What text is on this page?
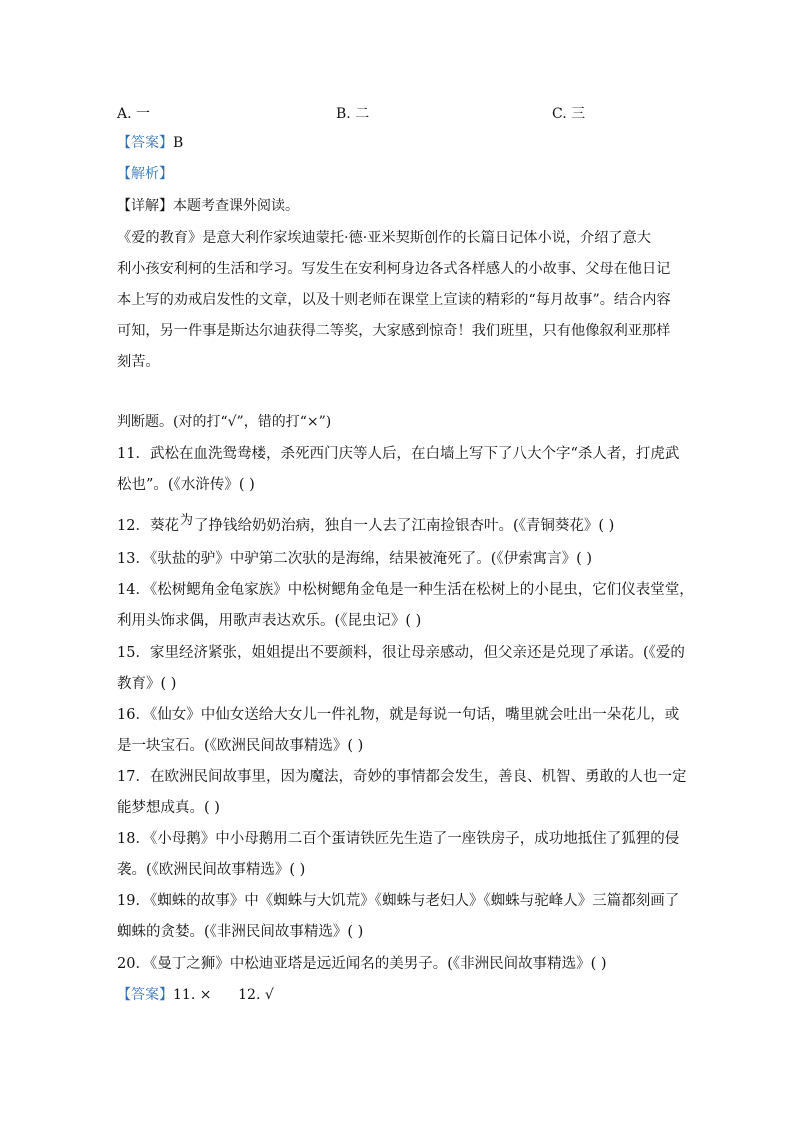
A. 一	B. 二	C. 三
【答案】B
【解析】
【详解】本题考查课外阅读。
《爱的教育》是意大利作家埃迪蒙托·德·亚米契斯创作的长篇日记体小说，介绍了意大
利小孩安利柯的生活和学习。写发生在安利柯身边各式各样感人的小故事、父母在他日记
本上写的劝戒启发性的文章，以及十则老师在课堂上宣读的精彩的“每月故事”。结合内容
可知，另一件事是斯达尔迪获得二等奖，大家感到惊奇！我们班里，只有他像叙利亚那样
刻苦。
判断题。(对的打“√”，错的打“×”)
11．武松在血洗鸳鸯楼，杀死西门庆等人后，在白墙上写下了八大个字“杀人者，打虎武
松也”。(《水浒传》( )
12．葵花为了挣钱给奶奶治病，独自一人去了江南捡银杏叶。(《青铜葵花》( )
13．《驮盐的驴》中驴第二次驮的是海绵，结果被淹死了。(《伊索寓言》( )
14．《松树鳃角金龟家族》中松树鳃角金龟是一种生活在松树上的小昆虫，它们仪表堂堂，
利用头饰求偶，用歌声表达欢乐。(《昆虫记》( )
15．家里经济紧张，姐姐提出不要颜料，很让母亲感动，但父亲还是兑现了承诺。(《爱的
教育》( )
16．《仙女》中仙女送给大女儿一件礼物，就是每说一句话，嘴里就会吐出一朵花儿，或
是一块宝石。(《欧洲民间故事精选》( )
17．在欧洲民间故事里，因为魔法，奇妙的事情都会发生，善良、机智、勇敢的人也一定
能梦想成真。( )
18．《小母鹅》中小母鹅用二百个蛋请铁匠先生造了一座铁房子，成功地抵住了狐狸的侵
袭。(《欧洲民间故事精选》( )
19．《蜘蛛的故事》中《蜘蛛与大饥荒》《蜘蛛与老妇人》《蜘蛛与驼峰人》三篇都刻画了
蜘蛛的贪婪。(《非洲民间故事精选》( )
20．《曼丁之狮》中松迪亚塔是远近闻名的美男子。(《非洲民间故事精选》( )
【答案】11. ×      12. √
